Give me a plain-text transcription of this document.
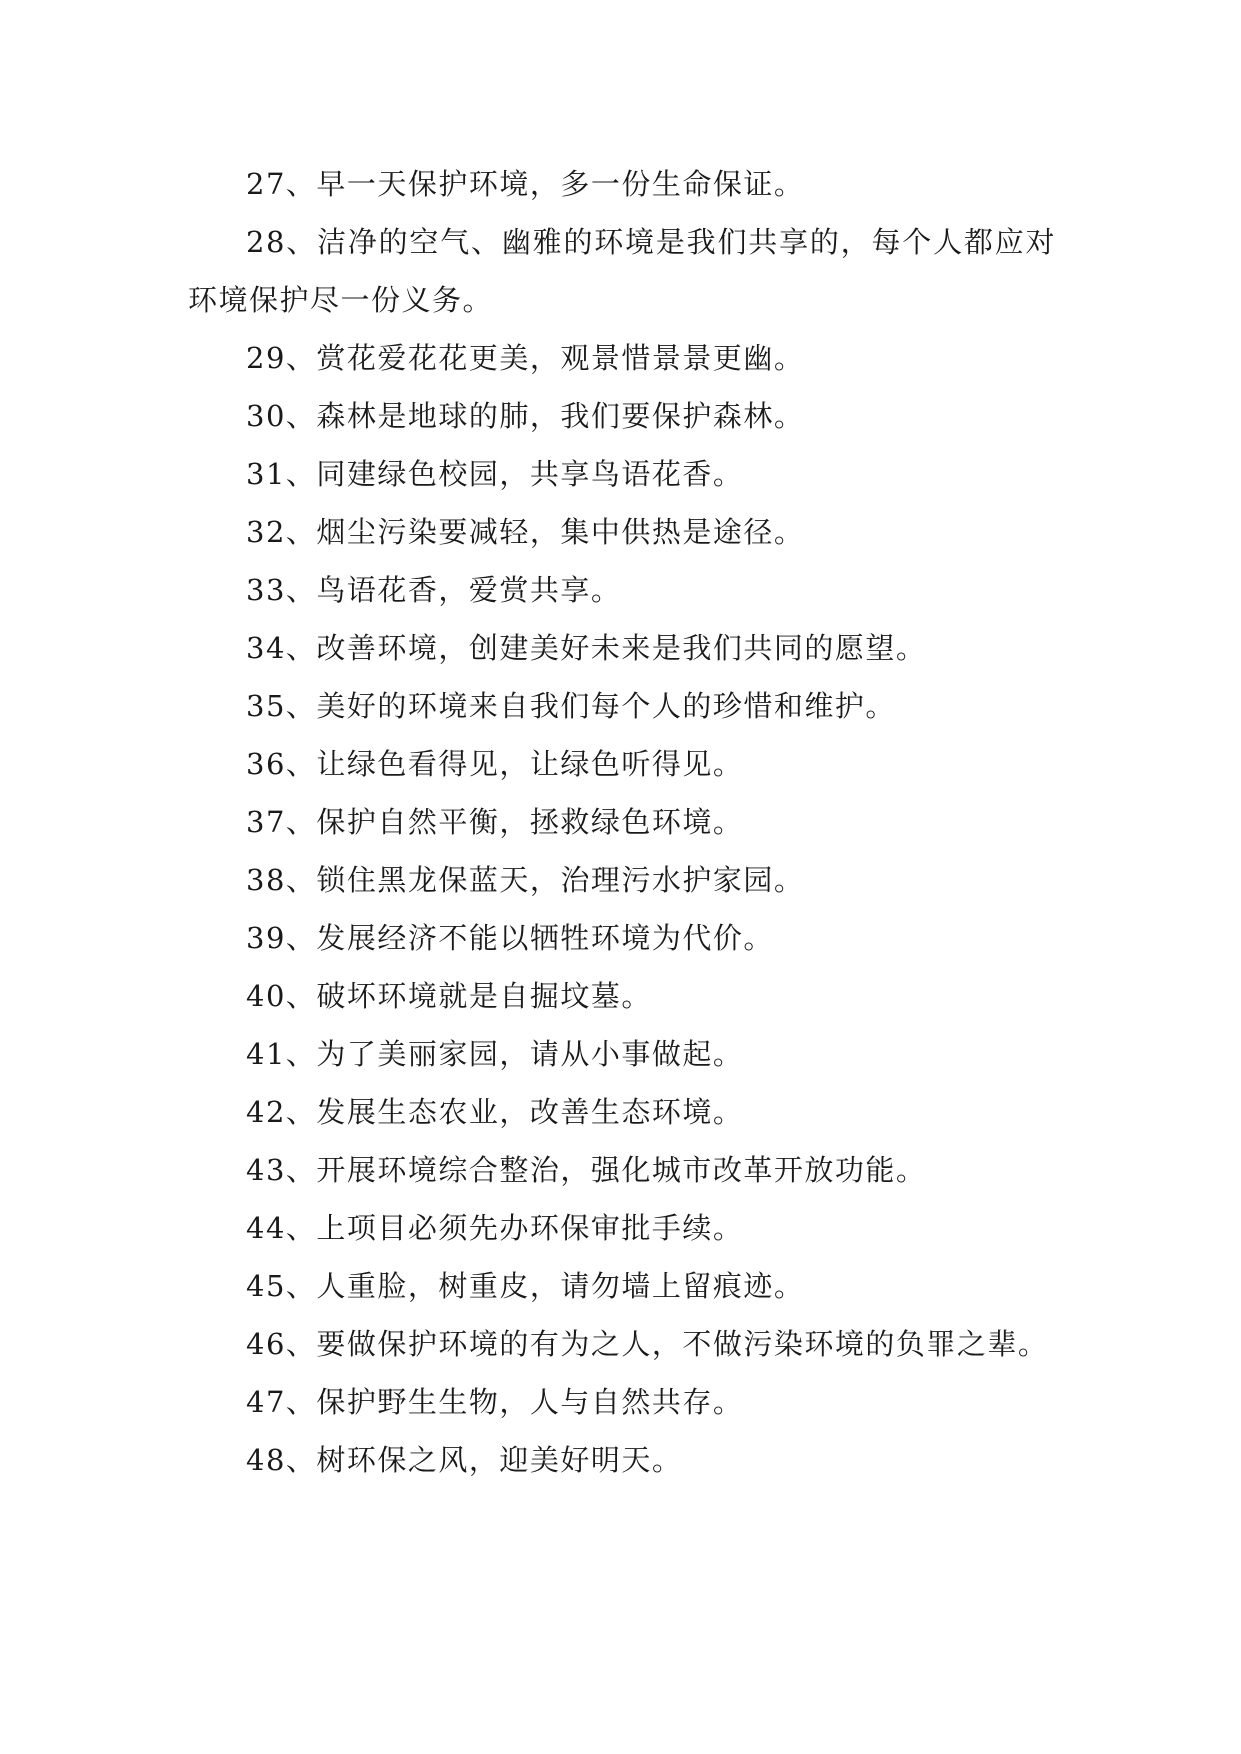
27、早一天保护环境，多一份生命保证。

28、洁净的空气、幽雅的环境是我们共享的，每个人都应对环境保护尽一份义务。

29、赏花爱花花更美，观景惜景景更幽。

30、森林是地球的肺，我们要保护森林。

31、同建绿色校园，共享鸟语花香。

32、烟尘污染要减轻，集中供热是途径。

33、鸟语花香，爱赏共享。

34、改善环境，创建美好未来是我们共同的愿望。

35、美好的环境来自我们每个人的珍惜和维护。

36、让绿色看得见，让绿色听得见。

37、保护自然平衡，拯救绿色环境。

38、锁住黑龙保蓝天，治理污水护家园。

39、发展经济不能以牺牲环境为代价。

40、破坏环境就是自掘坟墓。

41、为了美丽家园，请从小事做起。

42、发展生态农业，改善生态环境。

43、开展环境综合整治，强化城市改革开放功能。

44、上项目必须先办环保审批手续。

45、人重脸，树重皮，请勿墙上留痕迹。

46、要做保护环境的有为之人，不做污染环境的负罪之辈。

47、保护野生生物，人与自然共存。

48、树环保之风，迎美好明天。
